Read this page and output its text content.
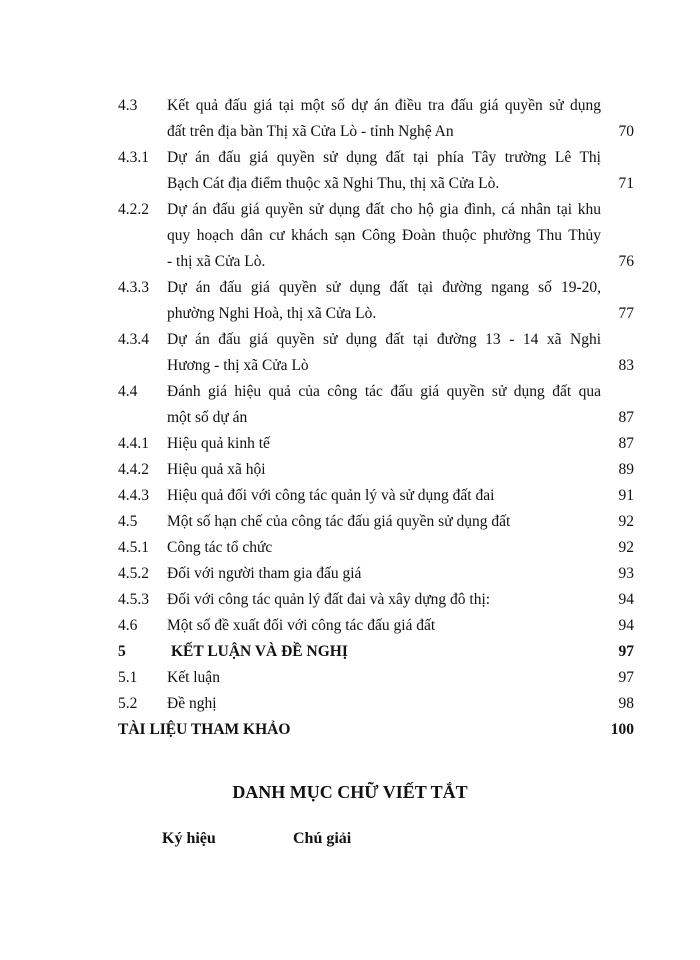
4.3 Kết quả đấu giá tại một số dự án điều tra đấu giá quyền sử dụng
đất trên địa bàn Thị xã Cửa Lò - tỉnh Nghệ An	70
4.3.1 Dự án đấu giá quyền sử dụng đất tại phía Tây trường Lê Thị
Bạch Cát địa điểm thuộc xã Nghi Thu, thị xã Cửa Lò.	71
4.2.2 Dự án đấu giá quyền sử dụng đất cho hộ gia đình, cá nhân tại khu
quy hoạch dân cư khách sạn Công Đoàn thuộc phường Thu Thủy
- thị xã Cửa Lò.	76
4.3.3 Dự án đấu giá quyền sử dụng đất tại đường ngang số 19-20,
phường Nghi Hoà, thị xã Cửa Lò.	77
4.3.4 Dự án đấu giá quyền sử dụng đất tại đường 13 - 14 xã Nghi
Hương - thị xã Cửa Lò	83
4.4 Đánh giá hiệu quả của công tác đấu giá quyền sử dụng đất qua
một số dự án	87
4.4.1 Hiệu quả kinh tế	87
4.4.2 Hiệu quả xã hội	89
4.4.3 Hiệu quả đối với công tác quản lý và sử dụng đất đai	91
4.5 Một số hạn chế của công tác đấu giá quyền sử dụng đất	92
4.5.1 Công tác tổ chức	92
4.5.2 Đối với người tham gia đấu giá	93
4.5.3 Đối với công tác quản lý đất đai và xây dựng đô thị:	94
4.6 Một số đề xuất đối với công tác đấu giá đất	94
5	KẾT LUẬN VÀ ĐỀ NGHỊ	97
5.1 Kết luận	97
5.2 Đề nghị	98
TÀI LIỆU THAM KHẢO	100
DANH MỤC CHỮ VIẾT TẮT
Ký hiệu	Chú giải
